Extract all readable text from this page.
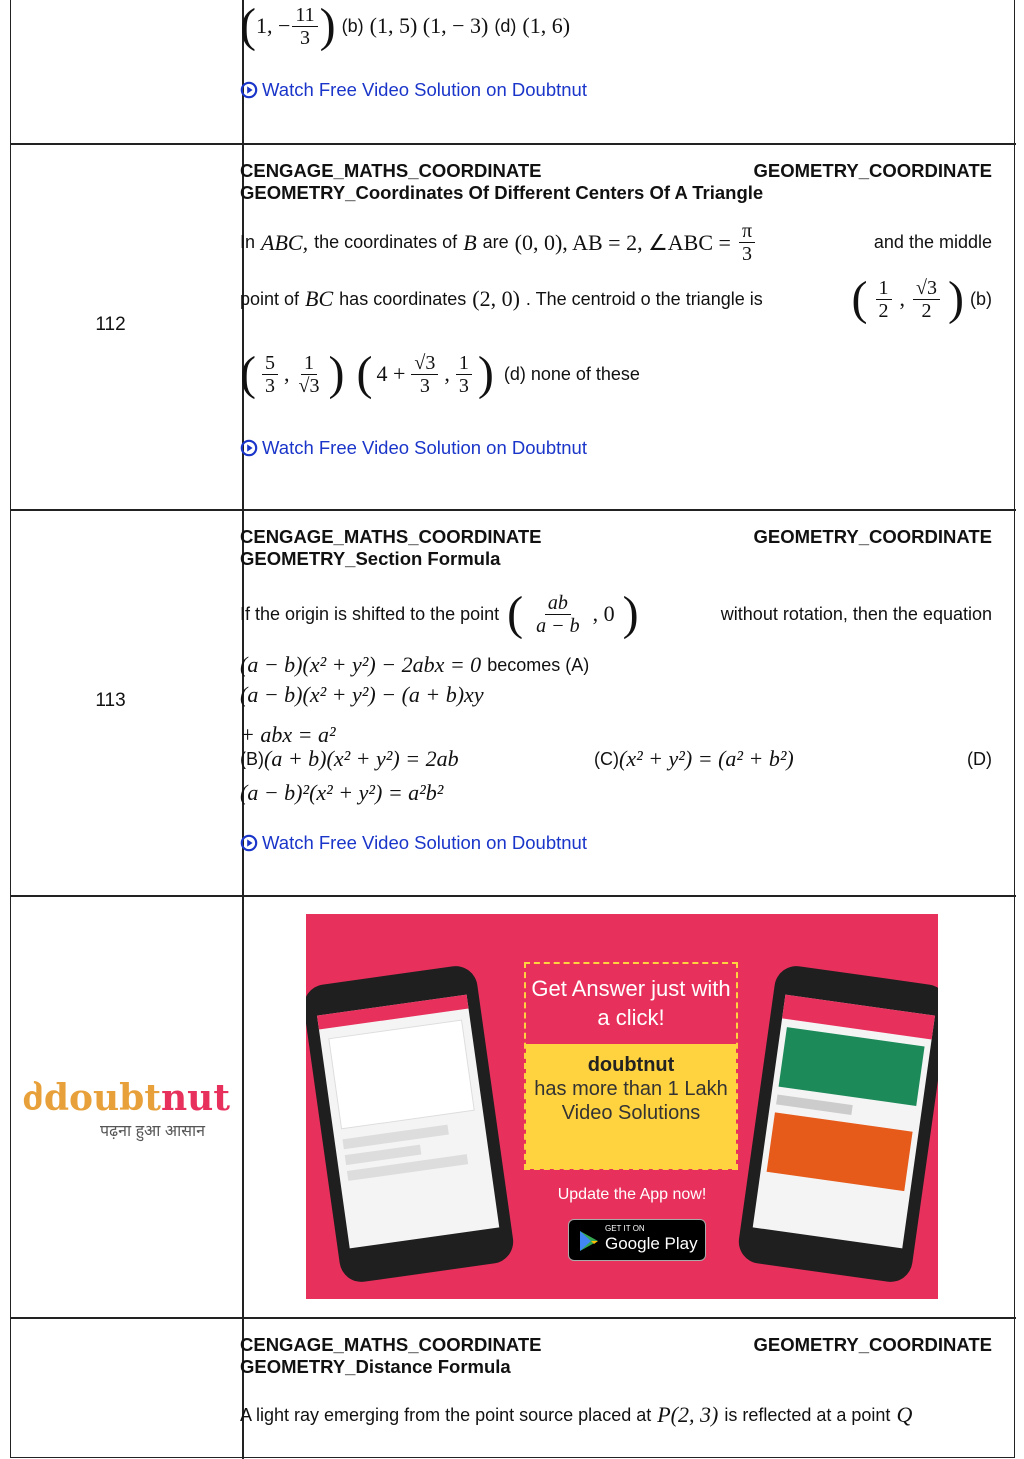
( 1, − $\frac{11}{3}$ ) (b) (1, 5) (1, − 3) (d) (1, 6)
Watch Free Video Solution on Doubtnut
112
CENGAGE_MATHS_COORDINATE	GEOMETRY_COORDINATE
GEOMETRY_Coordinates Of Different Centers Of A Triangle
In ABC, the coordinates of B are (0, 0), AB = 2, ∠ABC = $\frac{\pi}{3}$	and the middle
point of BC has coordinates (2, 0) . The centroid o the triangle is ( $\frac{1}{2}$ , $\frac{√3}{2}$ ) (b)
( $\frac{5}{3}$ , $\frac{1}{√3}$ ) ( $4 + \frac{√3}{3}$ , $\frac{1}{3}$ ) (d) none of these
Watch Free Video Solution on Doubtnut
113
CENGAGE_MATHS_COORDINATE	GEOMETRY_COORDINATE
GEOMETRY_Section Formula
If the origin is shifted to the point ( $\frac{ab}{a - b}$ , 0 )	without rotation, then the equation
(a − b)(x² + y²) − 2abx = 0 becomes (A)
(a − b)(x² + y²) − (a + b)xy
+ abx = a²
(B) (a + b)(x² + y²) = 2ab	(C) (x² + y²) = (a² + b²)	(D)
(a − b)²(x² + y²) = a²b²
Watch Free Video Solution on Doubtnut
ძdoubtnut
पढ़ना हुआ आसान
Get Answer just with a click!
doubtnut
has more than 1 Lakh Video Solutions
Update the App now!
GET IT ON
Google Play
CENGAGE_MATHS_COORDINATE	GEOMETRY_COORDINATE
GEOMETRY_Distance Formula
A light ray emerging from the point source placed at P(2, 3) is reflected at a point Q
